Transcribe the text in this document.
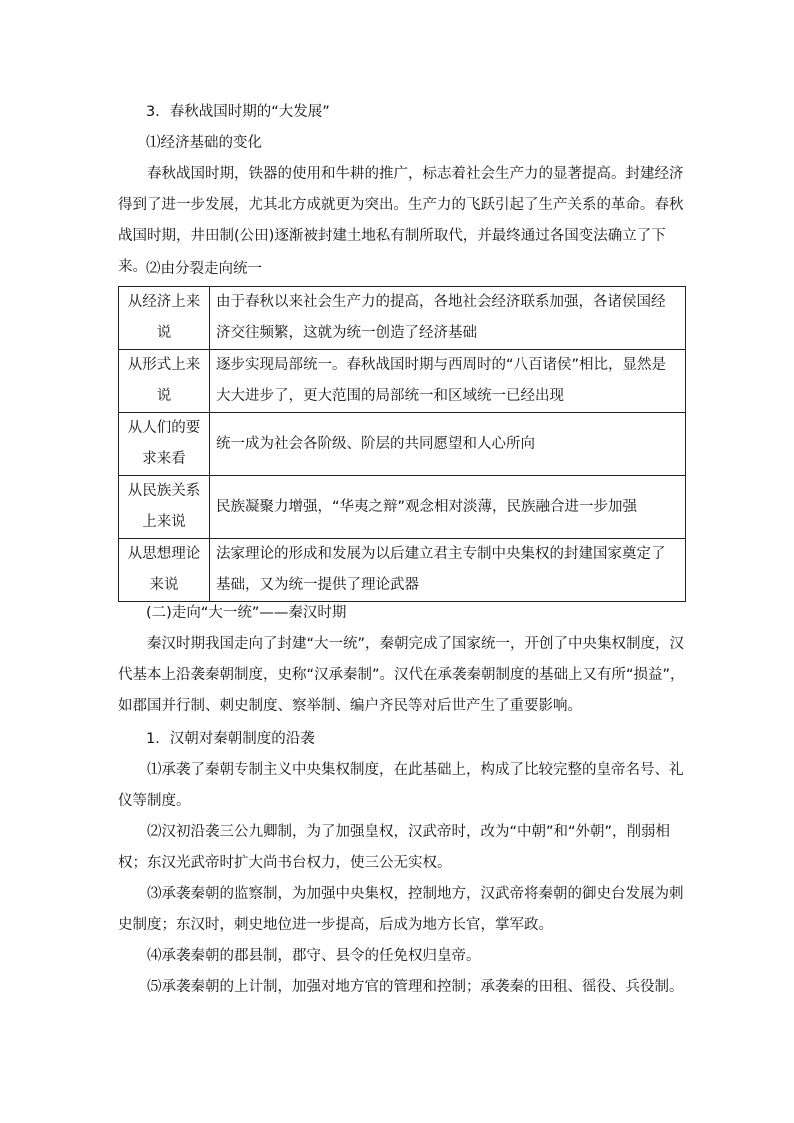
3．春秋战国时期的“大发展”

⑴经济基础的变化

春秋战国时期，铁器的使用和牛耕的推广，标志着社会生产力的显著提高。封建经济得到了进一步发展，尤其北方成就更为突出。生产力的飞跃引起了生产关系的革命。春秋战国时期，井田制(公田)逐渐被封建土地私有制所取代，并最终通过各国变法确立了下来。 ⑵由分裂走向统一

从经济上来说	由于春秋以来社会生产力的提高，各地社会经济联系加强，各诸侯国经济交往频繁，这就为统一创造了经济基础
从形式上来说	逐步实现局部统一。春秋战国时期与西周时的“八百诸侯”相比，显然是大大进步了，更大范围的局部统一和区域统一已经出现
从人们的要求来看	统一成为社会各阶级、阶层的共同愿望和人心所向
从民族关系上来说	民族凝聚力增强，“华夷之辩”观念相对淡薄，民族融合进一步加强
从思想理论来说	法家理论的形成和发展为以后建立君主专制中央集权的封建国家奠定了基础，又为统一提供了理论武器

(二)走向“大一统”——秦汉时期

秦汉时期我国走向了封建“大一统”，秦朝完成了国家统一，开创了中央集权制度，汉代基本上沿袭秦朝制度，史称“汉承秦制”。汉代在承袭秦朝制度的基础上又有所“损益”，如郡国并行制、刺史制度、察举制、编户齐民等对后世产生了重要影响。

1．汉朝对秦朝制度的沿袭

⑴承袭了秦朝专制主义中央集权制度，在此基础上，构成了比较完整的皇帝名号、礼仪等制度。

⑵汉初沿袭三公九卿制，为了加强皇权，汉武帝时，改为“中朝”和“外朝”，削弱相权；东汉光武帝时扩大尚书台权力，使三公无实权。

⑶承袭秦朝的监察制，为加强中央集权，控制地方，汉武帝将秦朝的御史台发展为刺史制度；东汉时，刺史地位进一步提高，后成为地方长官，掌军政。

⑷承袭秦朝的郡县制，郡守、县令的任免权归皇帝。

⑸承袭秦朝的上计制，加强对地方官的管理和控制；承袭秦的田租、徭役、兵役制。
